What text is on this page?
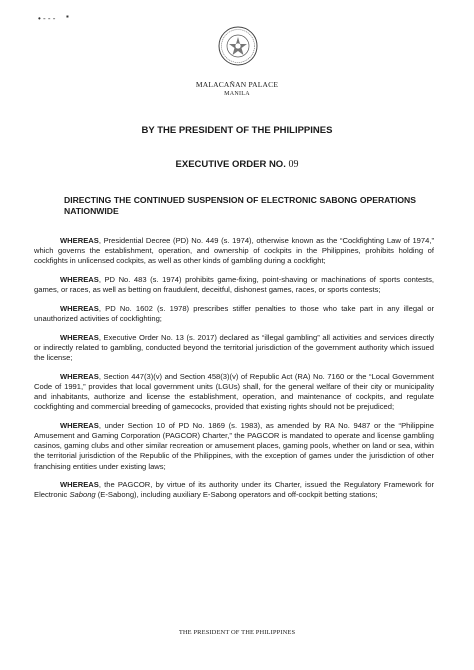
• - - - ▪
MALACAÑAN PALACE
MANILA
BY THE PRESIDENT OF THE PHILIPPINES
EXECUTIVE ORDER NO. 09
DIRECTING THE CONTINUED SUSPENSION OF ELECTRONIC SABONG OPERATIONS NATIONWIDE

WHEREAS, Presidential Decree (PD) No. 449 (s. 1974), otherwise known as the “Cockfighting Law of 1974,” which governs the establishment, operation, and ownership of cockpits in the Philippines, prohibits holding of cockfights in unlicensed cockpits, as well as other kinds of gambling during a cockfight;

WHEREAS, PD No. 483 (s. 1974) prohibits game-fixing, point-shaving or machinations of sports contests, games, or races, as well as betting on fraudulent, deceitful, dishonest games, races, or sports contests;

WHEREAS, PD No. 1602 (s. 1978) prescribes stiffer penalties to those who take part in any illegal or unauthorized activities of cockfighting;

WHEREAS, Executive Order No. 13 (s. 2017) declared as “illegal gambling” all activities and services directly or indirectly related to gambling, conducted beyond the territorial jurisdiction of the government authority which issued the license;

WHEREAS, Section 447(3)(v) and Section 458(3)(v) of Republic Act (RA) No. 7160 or the “Local Government Code of 1991,” provides that local government units (LGUs) shall, for the general welfare of their city or municipality and inhabitants, authorize and license the establishment, operation, and maintenance of cockpits, and regulate cockfighting and commercial breeding of gamecocks, provided that existing rights should not be prejudiced;

WHEREAS, under Section 10 of PD No. 1869 (s. 1983), as amended by RA No. 9487 or the “Philippine Amusement and Gaming Corporation (PAGCOR) Charter,” the PAGCOR is mandated to operate and license gambling casinos, gaming clubs and other similar recreation or amusement places, gaming pools, whether on land or sea, within the territorial jurisdiction of the Republic of the Philippines, with the exception of games under the jurisdiction of other franchising entities under existing laws;

WHEREAS, the PAGCOR, by virtue of its authority under its Charter, issued the Regulatory Framework for Electronic Sabong (E-Sabong), including auxiliary E-Sabong operators and off-cockpit betting stations;

THE PRESIDENT OF THE PHILIPPINES
